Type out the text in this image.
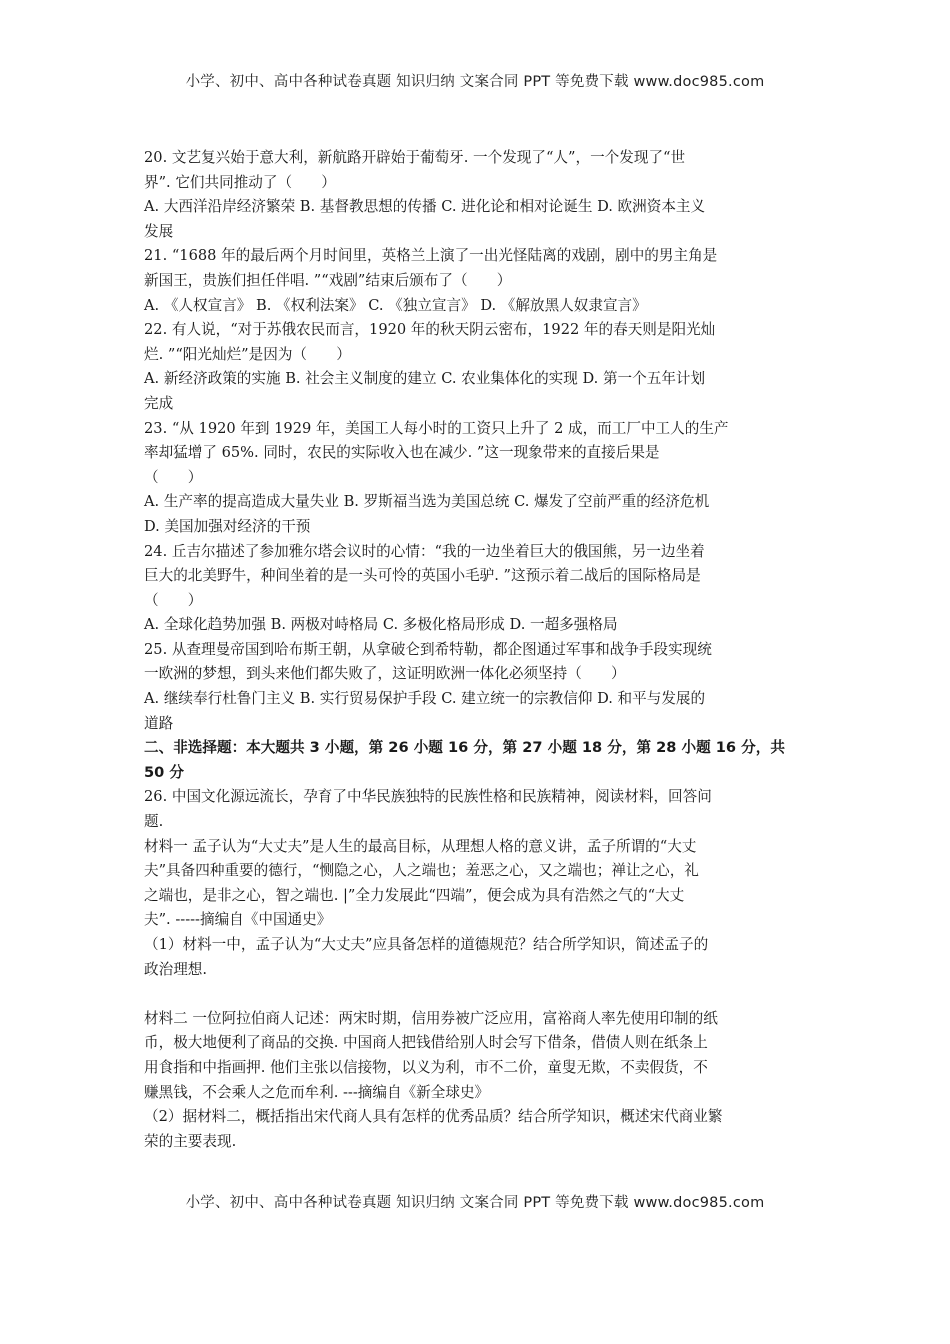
小学、初中、高中各种试卷真题 知识归纳 文案合同 PPT 等免费下载 www.doc985.com
20. 文艺复兴始于意大利，新航路开辟始于葡萄牙. 一个发现了“人”，一个发现了“世
界”. 它们共同推动了（　　）
A. 大西洋沿岸经济繁荣 B. 基督教思想的传播 C. 进化论和相对论诞生 D. 欧洲资本主义
发展
21. “1688 年的最后两个月时间里，英格兰上演了一出光怪陆离的戏剧，剧中的男主角是
新国王，贵族们担任伴唱. ”“戏剧”结束后颁布了（　　）
A. 《人权宣言》 B. 《权利法案》 C. 《独立宣言》 D. 《解放黑人奴隶宣言》
22. 有人说，“对于苏俄农民而言，1920 年的秋天阴云密布，1922 年的春天则是阳光灿
烂. ”“阳光灿烂”是因为（　　）
A. 新经济政策的实施 B. 社会主义制度的建立 C. 农业集体化的实现 D. 第一个五年计划
完成
23. “从 1920 年到 1929 年，美国工人每小时的工资只上升了 2 成，而工厂中工人的生产
率却猛增了 65%. 同时，农民的实际收入也在减少. ”这一现象带来的直接后果是
（　　）
A. 生产率的提高造成大量失业 B. 罗斯福当选为美国总统 C. 爆发了空前严重的经济危机
D. 美国加强对经济的干预
24. 丘吉尔描述了参加雅尔塔会议时的心情：“我的一边坐着巨大的俄国熊，另一边坐着
巨大的北美野牛，种间坐着的是一头可怜的英国小毛驴. ”这预示着二战后的国际格局是
（　　）
A. 全球化趋势加强 B. 两极对峙格局 C. 多极化格局形成 D. 一超多强格局
25. 从查理曼帝国到哈布斯王朝，从拿破仑到希特勒，都企图通过军事和战争手段实现统
一欧洲的梦想，到头来他们都失败了，这证明欧洲一体化必须坚持（　　）
A. 继续奉行杜鲁门主义 B. 实行贸易保护手段 C. 建立统一的宗教信仰 D. 和平与发展的
道路
二、非选择题：本大题共 3 小题，第 26 小题 16 分，第 27 小题 18 分，第 28 小题 16 分，共
50 分
26. 中国文化源远流长，孕育了中华民族独特的民族性格和民族精神，阅读材料，回答问
题.
材料一 孟子认为“大丈夫”是人生的最高目标，从理想人格的意义讲，孟子所谓的“大丈
夫”具备四种重要的德行，“恻隐之心，人之端也；羞恶之心，又之端也；禅让之心，礼
之端也，是非之心，智之端也. |”全力发展此“四端”，便会成为具有浩然之气的“大丈
夫”. -----摘编自《中国通史》
（1）材料一中，孟子认为“大丈夫”应具备怎样的道德规范？结合所学知识，简述孟子的
政治理想.
材料二 一位阿拉伯商人记述：两宋时期，信用券被广泛应用，富裕商人率先使用印制的纸
币，极大地便利了商品的交换. 中国商人把钱借给别人时会写下借条，借债人则在纸条上
用食指和中指画押. 他们主张以信接物，以义为利，市不二价，童叟无欺，不卖假货，不
赚黑钱，不会乘人之危而牟利. ---摘编自《新全球史》
（2）据材料二，概括指出宋代商人具有怎样的优秀品质？结合所学知识，概述宋代商业繁
荣的主要表现.
小学、初中、高中各种试卷真题 知识归纳 文案合同 PPT 等免费下载 www.doc985.com
